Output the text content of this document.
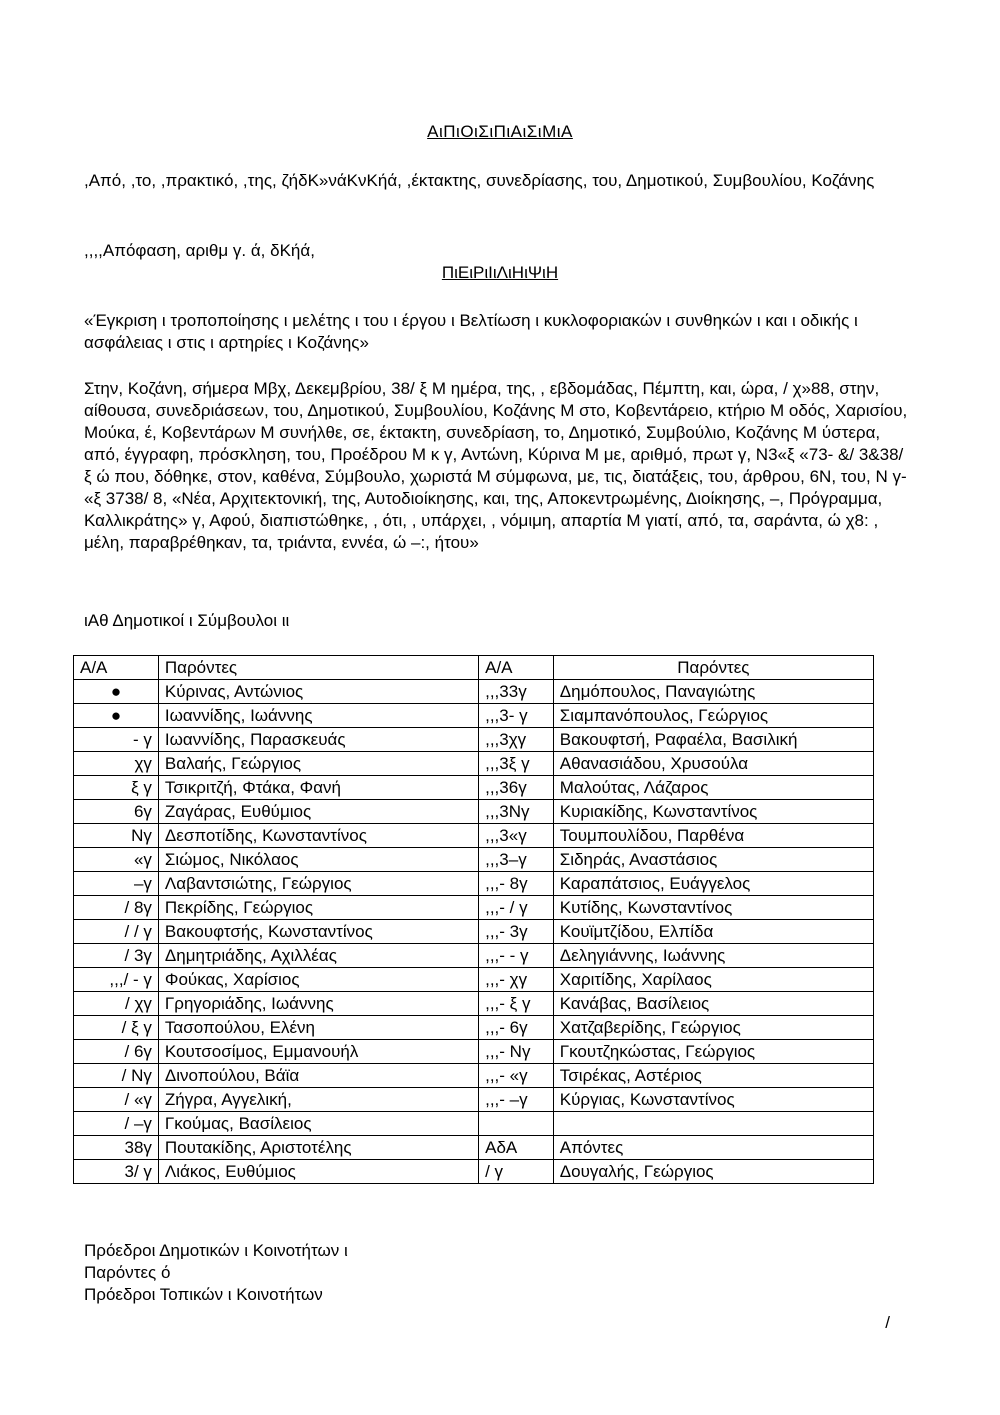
ΑιΠιΟιΣιΠιΑιΣιΜιΑ
,Από, ,το, ,πρακτικό, ,της, ζήδΚ»νάΚνΚήά, ,έκτακτης, συνεδρίασης, του, Δημοτικού, Συμβουλίου, Κοζάνης
,,,,Απόφαση, αριθμ γ. ά, δΚήά,
ΠιΕιΡιΙιΛιΗιΨιΗ
«Έγκριση ι τροποποίησης ι μελέτης ι του ι έργου ι Βελτίωση ι κυκλοφοριακών ι συνθηκών ι και ι οδικής ι ασφάλειας ι στις ι αρτηρίες ι Κοζάνης»
Στην, Κοζάνη, σήμερα Μβχ, Δεκεμβρίου, 38/ ξ Μ ημέρα, της, , εβδομάδας, Πέμπτη, και, ώρα, / χ»88, στην, αίθουσα, συνεδριάσεων, του, Δημοτικού, Συμβουλίου, Κοζάνης Μ στο, Κοβεντάρειο, κτήριο Μ οδός, Χαρισίου, Μούκα, έ, Κοβεντάρων Μ συνήλθε, σε, έκτακτη, συνεδρίαση, το, Δημοτικό, Συμβούλιο, Κοζάνης Μ ύστερα, από, έγγραφη, πρόσκληση, του, Προέδρου Μ κ γ, Αντώνη, Κύρινα Μ με, αριθμό, πρωτ γ, Ν3«ξ «73- &/ 3&38/ ξ ώ που, δόθηκε, στον, καθένα, Σύμβουλο, χωριστά Μ σύμφωνα, με, τις, διατάξεις, του, άρθρου, 6Ν, του, Ν γ- «ξ 3738/ 8, «Νέα, Αρχιτεκτονική, της, Αυτοδιοίκησης, και, της, Αποκεντρωμένης, Διοίκησης, –, Πρόγραμμα, Καλλικράτης» γ, Αφού, διαπιστώθηκε, , ότι, , υπάρχει, , νόμιμη, απαρτία Μ γιατί, από, τα, σαράντα, ώ χ8: , μέλη, παραβρέθηκαν, τα, τριάντα, εννέα, ώ –:, ήτου»
ιΑθ Δημοτικοί ι Σύμβουλοι ιι
Α/Α	Παρόντες	Α/Α	Παρόντες
●	Κύρινας, Αντώνιος	,,,33γ	Δημόπουλος, Παναγιώτης
●	Ιωαννίδης, Ιωάννης	,,,3- γ	Σιαμπανόπουλος, Γεώργιος
- γ	Ιωαννίδης, Παρασκευάς	,,,3χγ	Βακουφτσή, Ραφαέλα, Βασιλική
χγ	Βαλαής, Γεώργιος	,,,3ξ γ	Αθανασιάδου, Χρυσούλα
ξ γ	Τσικριτζή, Φτάκα, Φανή	,,,36γ	Μαλούτας, Λάζαρος
6γ	Ζαγάρας, Ευθύμιος	,,,3Νγ	Κυριακίδης, Κωνσταντίνος
Νγ	Δεσποτίδης, Κωνσταντίνος	,,,3«γ	Τουμπουλίδου, Παρθένα
«γ	Σιώμος, Νικόλαος	,,,3–γ	Σιδηράς, Αναστάσιος
–γ	Λαβαντσιώτης, Γεώργιος	,,,- 8γ	Καραπάτσιος, Ευάγγελος
/ 8γ	Πεκρίδης, Γεώργιος	,,,- / γ	Κυτίδης, Κωνσταντίνος
/ / γ	Βακουφτσής, Κωνσταντίνος	,,,- 3γ	Κουϊμτζίδου, Ελπίδα
/ 3γ	Δημητριάδης, Αχιλλέας	,,,- - γ	Δεληγιάννης, Ιωάννης
,,,/ - γ	Φούκας, Χαρίσιος	,,,- χγ	Χαριτίδης, Χαρίλαος
/ χγ	Γρηγοριάδης, Ιωάννης	,,,- ξ γ	Κανάβας, Βασίλειος
/ ξ γ	Τασοπούλου, Ελένη	,,,- 6γ	Χατζαβερίδης, Γεώργιος
/ 6γ	Κουτσοσίμος, Εμμανουήλ	,,,- Νγ	Γκουτζηκώστας, Γεώργιος
/ Νγ	Δινοπούλου, Βάϊα	,,,- «γ	Τσιρέκας, Αστέριος
/ «γ	Ζήγρα, Αγγελική,	,,,- –γ	Κύργιας, Κωνσταντίνος
/ –γ	Γκούμας, Βασίλειος		
38γ	Πουτακίδης, Αριστοτέλης	ΑδΑ	Απόντες
3/ γ	Λιάκος, Ευθύμιος	/ γ	Δουγαλής, Γεώργιος
Πρόεδροι Δημοτικών ι Κοινοτήτων ι
Παρόντες ό
Πρόεδροι Τοπικών ι Κοινοτήτων
/
